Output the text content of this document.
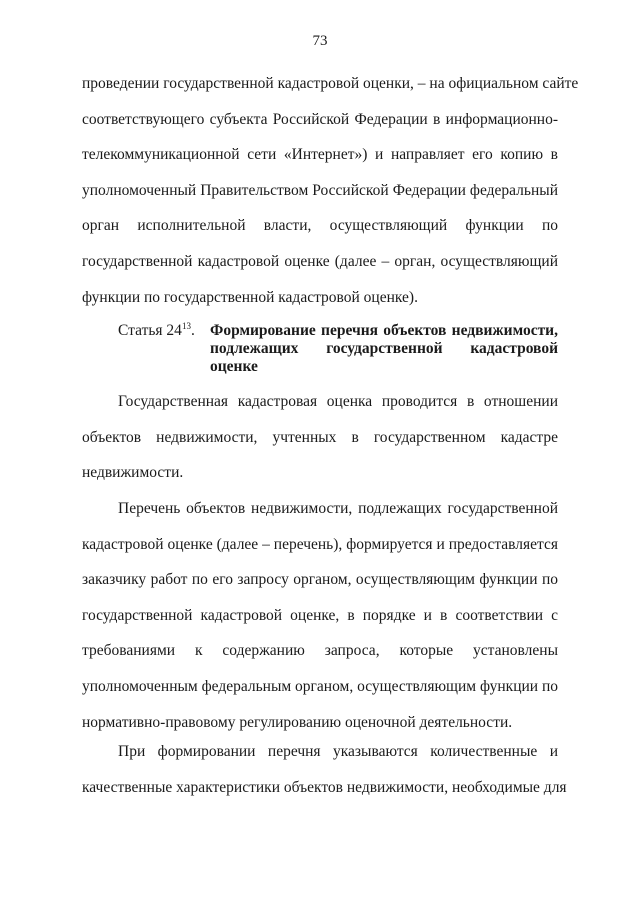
73
проведении государственной кадастровой оценки, – на официальном сайте
соответствующего субъекта Российской Федерации в информационно-
телекоммуникационной сети «Интернет») и направляет его копию в
уполномоченный Правительством Российской Федерации федеральный
орган исполнительной власти, осуществляющий функции по
государственной кадастровой оценке (далее – орган, осуществляющий
функции по государственной кадастровой оценке).
Статья $24^{13}$. Формирование перечня объектов недвижимости,
подлежащих государственной кадастровой
оценке
Государственная кадастровая оценка проводится в отношении
объектов недвижимости, учтенных в государственном кадастре
недвижимости.
Перечень объектов недвижимости, подлежащих государственной
кадастровой оценке (далее – перечень), формируется и предоставляется
заказчику работ по его запросу органом, осуществляющим функции по
государственной кадастровой оценке, в порядке и в соответствии с
требованиями к содержанию запроса, которые установлены
уполномоченным федеральным органом, осуществляющим функции по
нормативно-правовому регулированию оценочной деятельности.
При формировании перечня указываются количественные и
качественные характеристики объектов недвижимости, необходимые для
